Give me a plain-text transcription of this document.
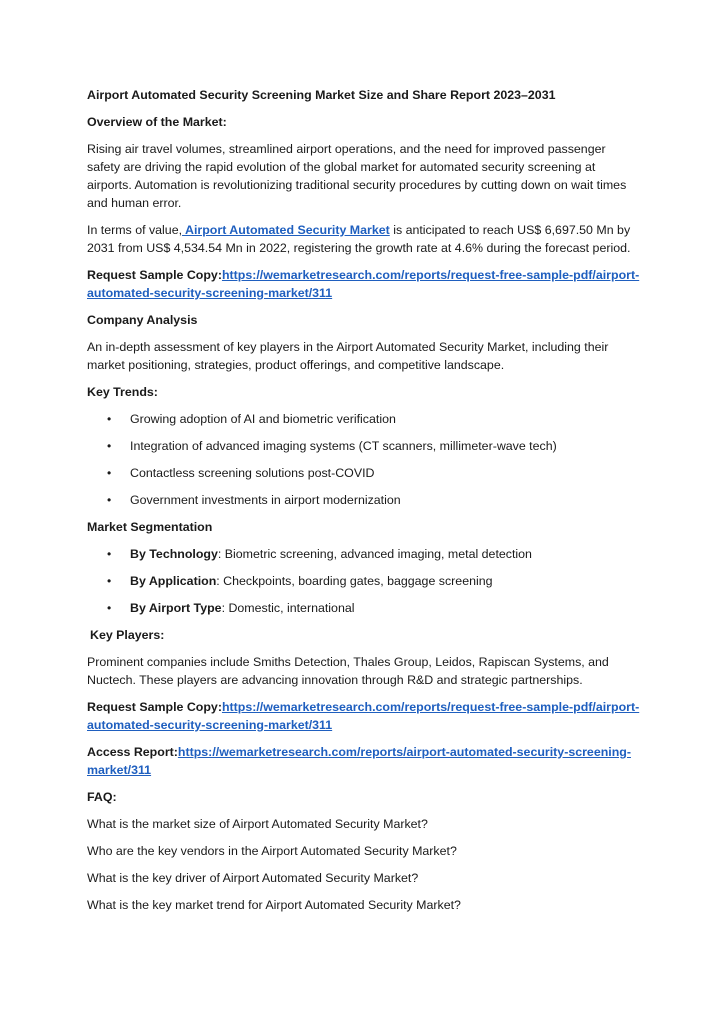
Airport Automated Security Screening Market Size and Share Report 2023–2031

Overview of the Market:

Rising air travel volumes, streamlined airport operations, and the need for improved passenger safety are driving the rapid evolution of the global market for automated security screening at airports. Automation is revolutionizing traditional security procedures by cutting down on wait times and human error.

In terms of value, Airport Automated Security Market is anticipated to reach US$ 6,697.50 Mn by 2031 from US$ 4,534.54 Mn in 2022, registering the growth rate at 4.6% during the forecast period.

Request Sample Copy:https://wemarketresearch.com/reports/request-free-sample-pdf/airport-automated-security-screening-market/311

Company Analysis

An in-depth assessment of key players in the Airport Automated Security Market, including their market positioning, strategies, product offerings, and competitive landscape.

Key Trends:

• Growing adoption of AI and biometric verification
• Integration of advanced imaging systems (CT scanners, millimeter-wave tech)
• Contactless screening solutions post-COVID
• Government investments in airport modernization

Market Segmentation

• By Technology: Biometric screening, advanced imaging, metal detection
• By Application: Checkpoints, boarding gates, baggage screening
• By Airport Type: Domestic, international

Key Players:

Prominent companies include Smiths Detection, Thales Group, Leidos, Rapiscan Systems, and Nuctech. These players are advancing innovation through R&D and strategic partnerships.

Request Sample Copy:https://wemarketresearch.com/reports/request-free-sample-pdf/airport-automated-security-screening-market/311

Access Report:https://wemarketresearch.com/reports/airport-automated-security-screening-market/311

FAQ:

What is the market size of Airport Automated Security Market?

Who are the key vendors in the Airport Automated Security Market?

What is the key driver of Airport Automated Security Market?

What is the key market trend for Airport Automated Security Market?
